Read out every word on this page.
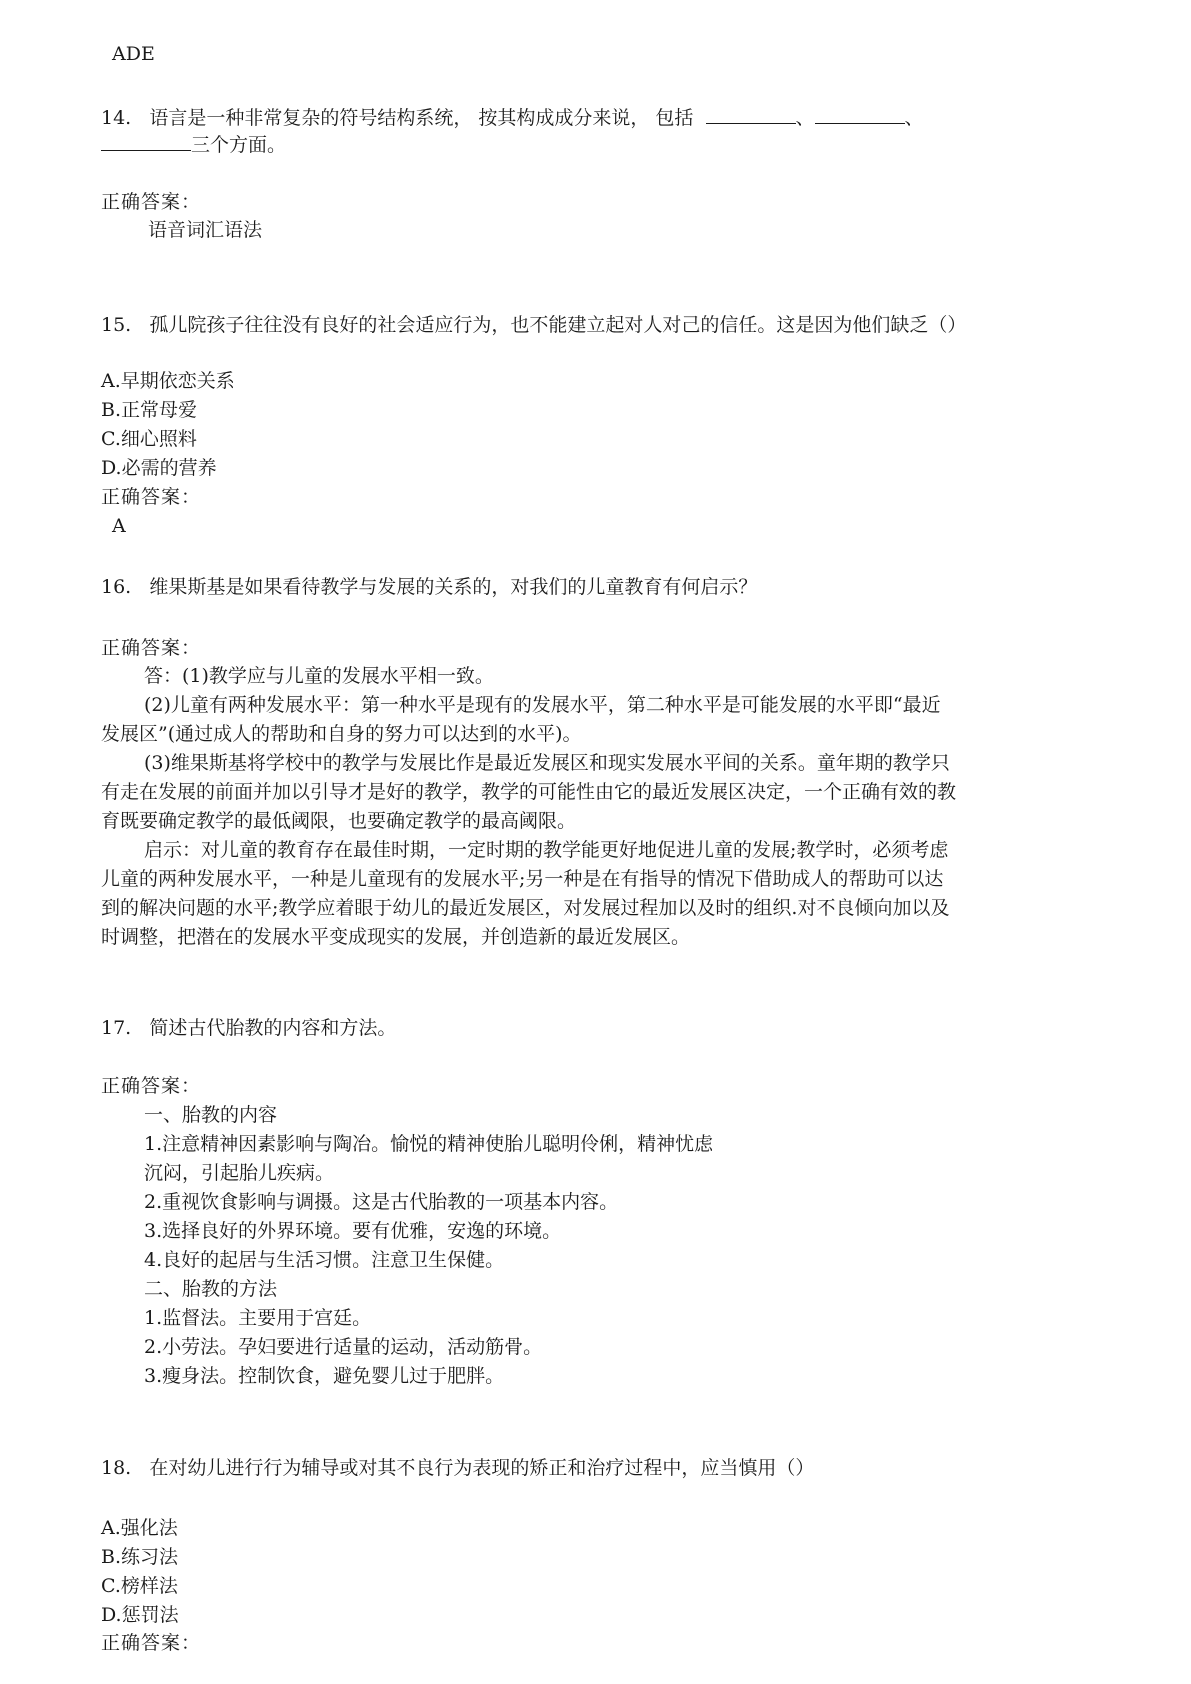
ADE
14. 语言是一种非常复杂的符号结构系统， 按其构成成分来说， 包括	、	、
三个方面。
正确答案：
语音词汇语法
15. 孤儿院孩子往往没有良好的社会适应行为，也不能建立起对人对己的信任。这是因为他们缺乏（）
A.早期依恋关系
B.正常母爱
C.细心照料
D.必需的营养
正确答案：
A
16. 维果斯基是如果看待教学与发展的关系的，对我们的儿童教育有何启示？
正确答案：
答：(1)教学应与儿童的发展水平相一致。
(2)儿童有两种发展水平：第一种水平是现有的发展水平，第二种水平是可能发展的水平即“最近
发展区”(通过成人的帮助和自身的努力可以达到的水平)。
(3)维果斯基将学校中的教学与发展比作是最近发展区和现实发展水平间的关系。童年期的教学只
有走在发展的前面并加以引导才是好的教学，教学的可能性由它的最近发展区决定，一个正确有效的教
育既要确定教学的最低阈限，也要确定教学的最高阈限。
启示：对儿童的教育存在最佳时期，一定时期的教学能更好地促进儿童的发展;教学时，必须考虑
儿童的两种发展水平，一种是儿童现有的发展水平;另一种是在有指导的情况下借助成人的帮助可以达
到的解决问题的水平;教学应着眼于幼儿的最近发展区，对发展过程加以及时的组织.对不良倾向加以及
时调整，把潜在的发展水平变成现实的发展，并创造新的最近发展区。
17. 简述古代胎教的内容和方法。
正确答案：
一、胎教的内容
1.注意精神因素影响与陶冶。愉悦的精神使胎儿聪明伶俐，精神忧虑
沉闷，引起胎儿疾病。
2.重视饮食影响与调摄。这是古代胎教的一项基本内容。
3.选择良好的外界环境。要有优雅，安逸的环境。
4.良好的起居与生活习惯。注意卫生保健。
二、胎教的方法
1.监督法。主要用于宫廷。
2.小劳法。孕妇要进行适量的运动，活动筋骨。
3.瘦身法。控制饮食，避免婴儿过于肥胖。
18. 在对幼儿进行行为辅导或对其不良行为表现的矫正和治疗过程中，应当慎用（）
A.强化法
B.练习法
C.榜样法
D.惩罚法
正确答案：
